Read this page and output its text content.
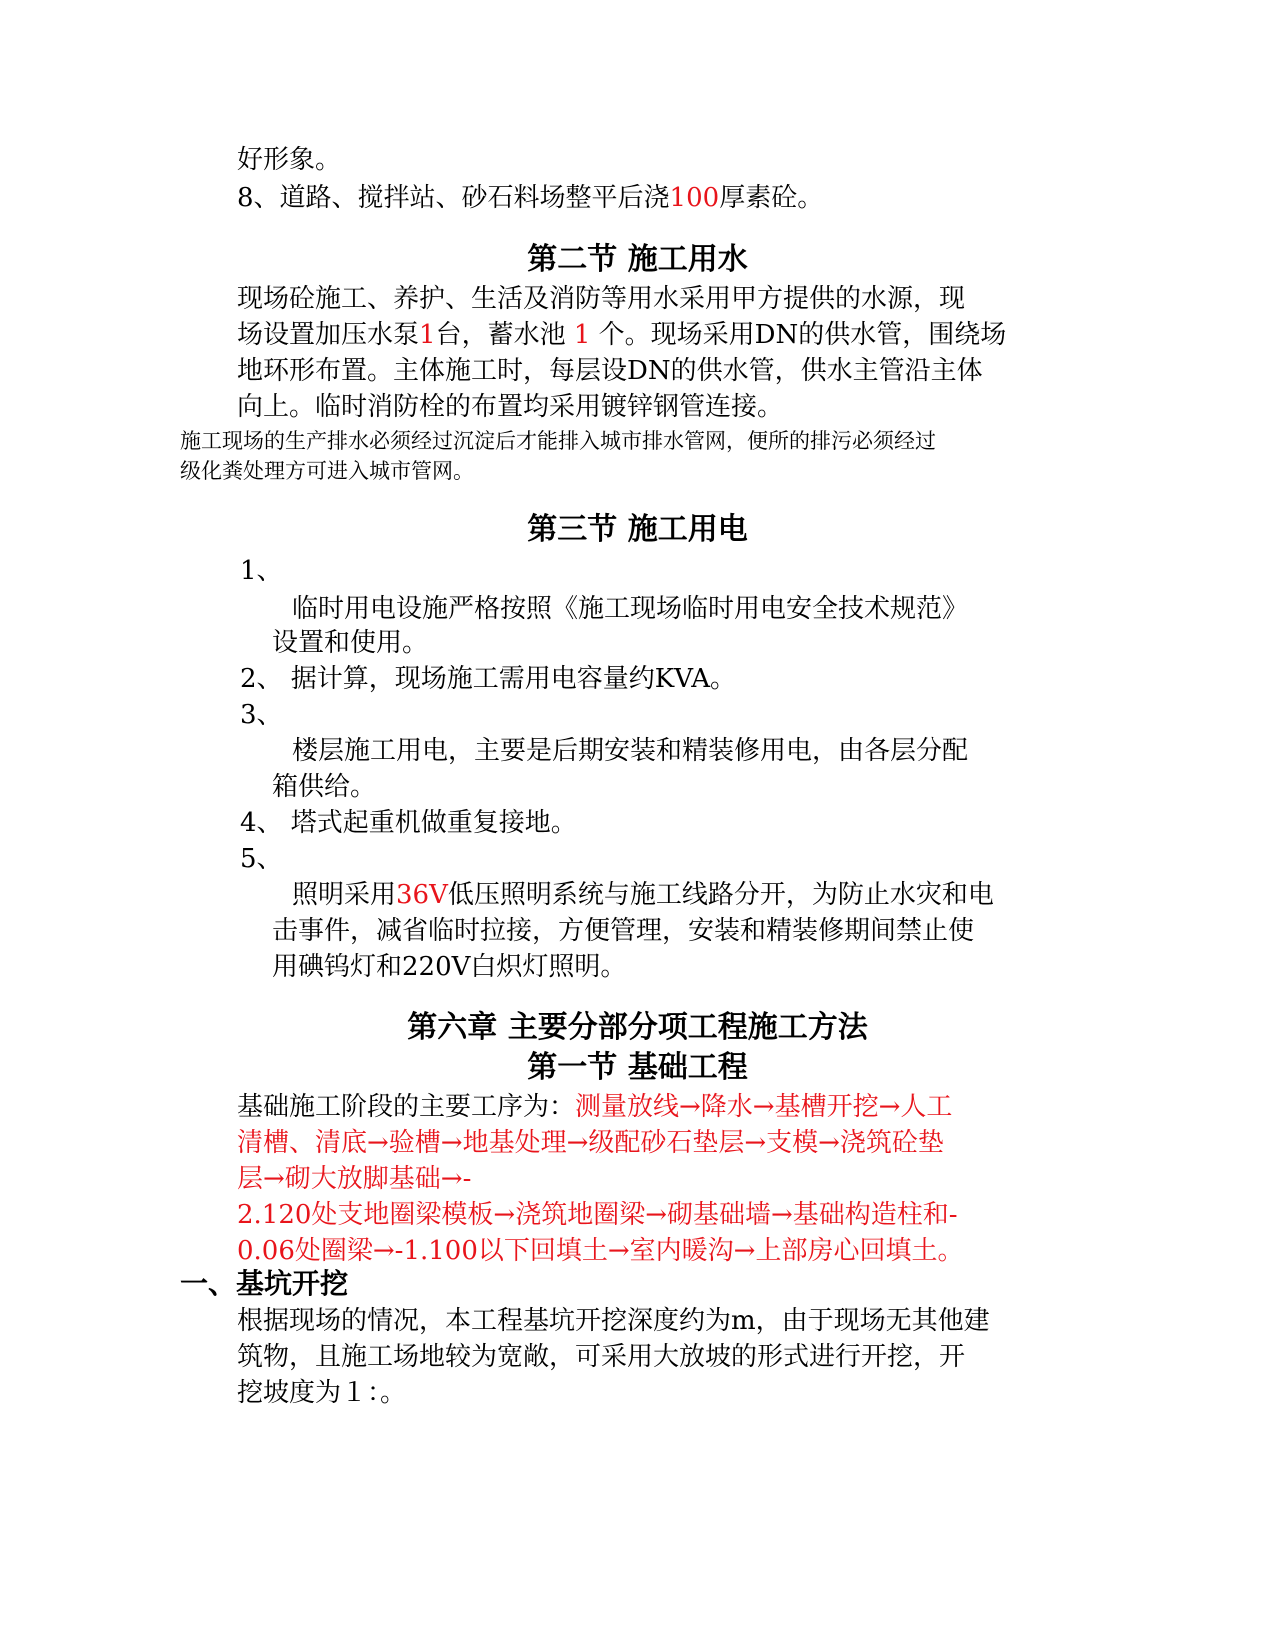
好形象。
8、道路、搅拌站、砂石料场整平后浇100厚素砼。
第二节 施工用水
现场砼施工、养护、生活及消防等用水采用甲方提供的水源，现
场设置加压水泵1台，蓄水池 1 个。现场采用DN的供水管，围绕场
地环形布置。主体施工时，每层设DN的供水管，供水主管沿主体
向上。临时消防栓的布置均采用镀锌钢管连接。
施工现场的生产排水必须经过沉淀后才能排入城市排水管网，便所的排污必须经过
级化粪处理方可进入城市管网。
第三节 施工用电
1、
临时用电设施严格按照《施工现场临时用电安全技术规范》
设置和使用。
2、 据计算，现场施工需用电容量约KVA。
3、
楼层施工用电，主要是后期安装和精装修用电，由各层分配
箱供给。
4、 塔式起重机做重复接地。
5、
照明采用36V低压照明系统与施工线路分开，为防止水灾和电
击事件，减省临时拉接，方便管理，安装和精装修期间禁止使
用碘钨灯和220V白炽灯照明。
第六章 主要分部分项工程施工方法
第一节 基础工程
基础施工阶段的主要工序为：测量放线→降水→基槽开挖→人工
清槽、清底→验槽→地基处理→级配砂石垫层→支模→浇筑砼垫
层→砌大放脚基础→-
2.120处支地圈梁模板→浇筑地圈梁→砌基础墙→基础构造柱和-
0.06处圈梁→-1.100以下回填土→室内暖沟→上部房心回填土。
一、基坑开挖
根据现场的情况，本工程基坑开挖深度约为m，由于现场无其他建
筑物，且施工场地较为宽敞，可采用大放坡的形式进行开挖，开
挖坡度为１：。
